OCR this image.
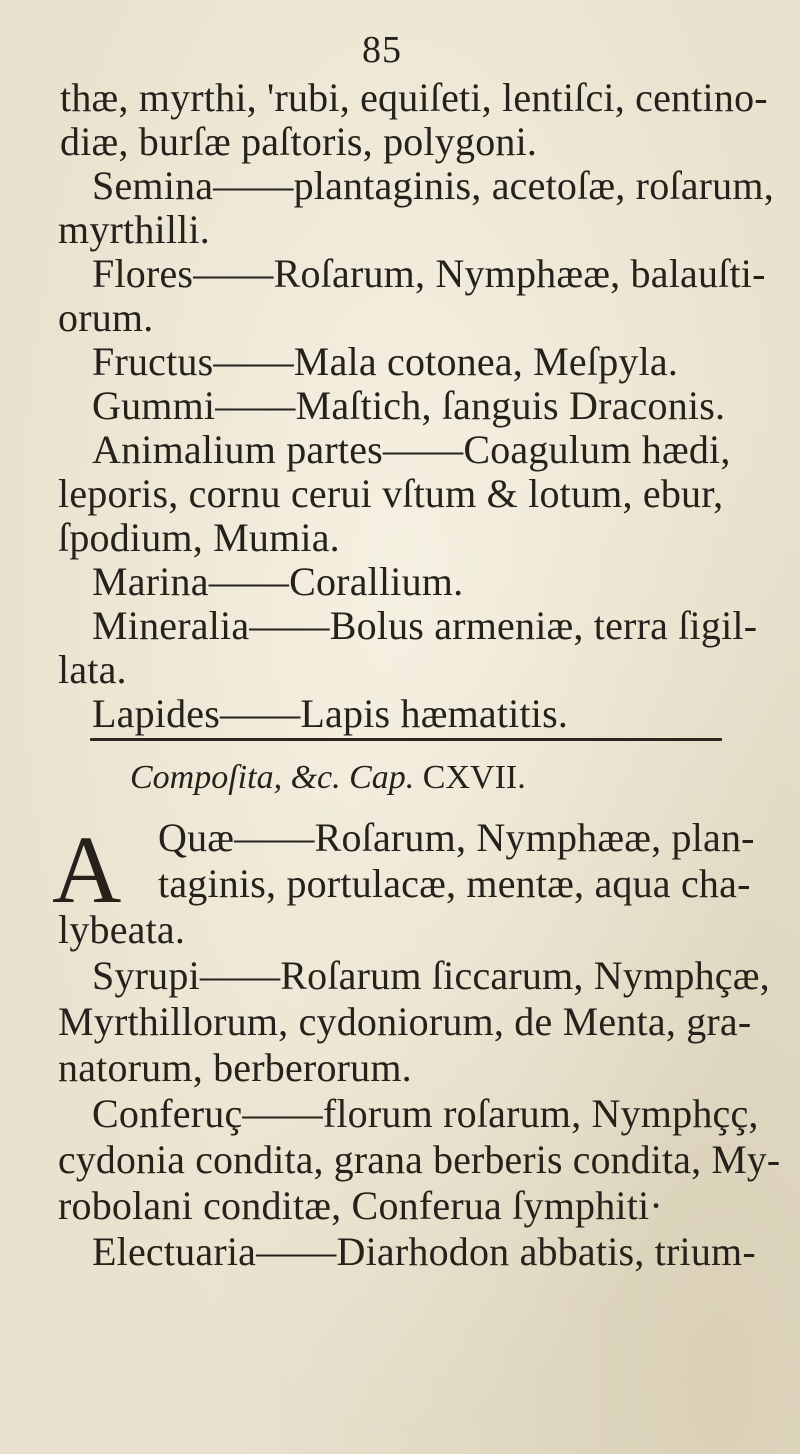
85
thæ, myrthi, 'rubi, equiſeti, lentiſci, centino-
diæ, burſæ paſtoris, polygoni.
Semina——plantaginis, acetoſæ, roſarum,
myrthilli.
Flores——Roſarum, Nymphææ, balauſti-
orum.
Fructus——Mala cotonea, Meſpyla.
Gummi——Maſtich, ſanguis Draconis.
Animalium partes——Coagulum hædi,
leporis, cornu cerui vſtum & lotum, ebur,
ſpodium, Mumia.
Marina——Corallium.
Mineralia——Bolus armeniæ, terra ſigil-
lata.
Lapides——Lapis hæmatitis.
Compoſita, &c. Cap. CXVII.
A Quæ——Roſarum, Nymphææ, plan-
taginis, portulacæ, mentæ, aqua cha-
lybeata.
Syrupi——Roſarum ſiccarum, Nymphçæ,
Myrthillorum, cydoniorum, de Menta, gra-
natorum, berberorum.
Conferuç——florum roſarum, Nymphçç,
cydonia condita, grana berberis condita, My-
robolani conditæ, Conferua ſymphiti·
Electuaria——Diarhodon abbatis, trium-
